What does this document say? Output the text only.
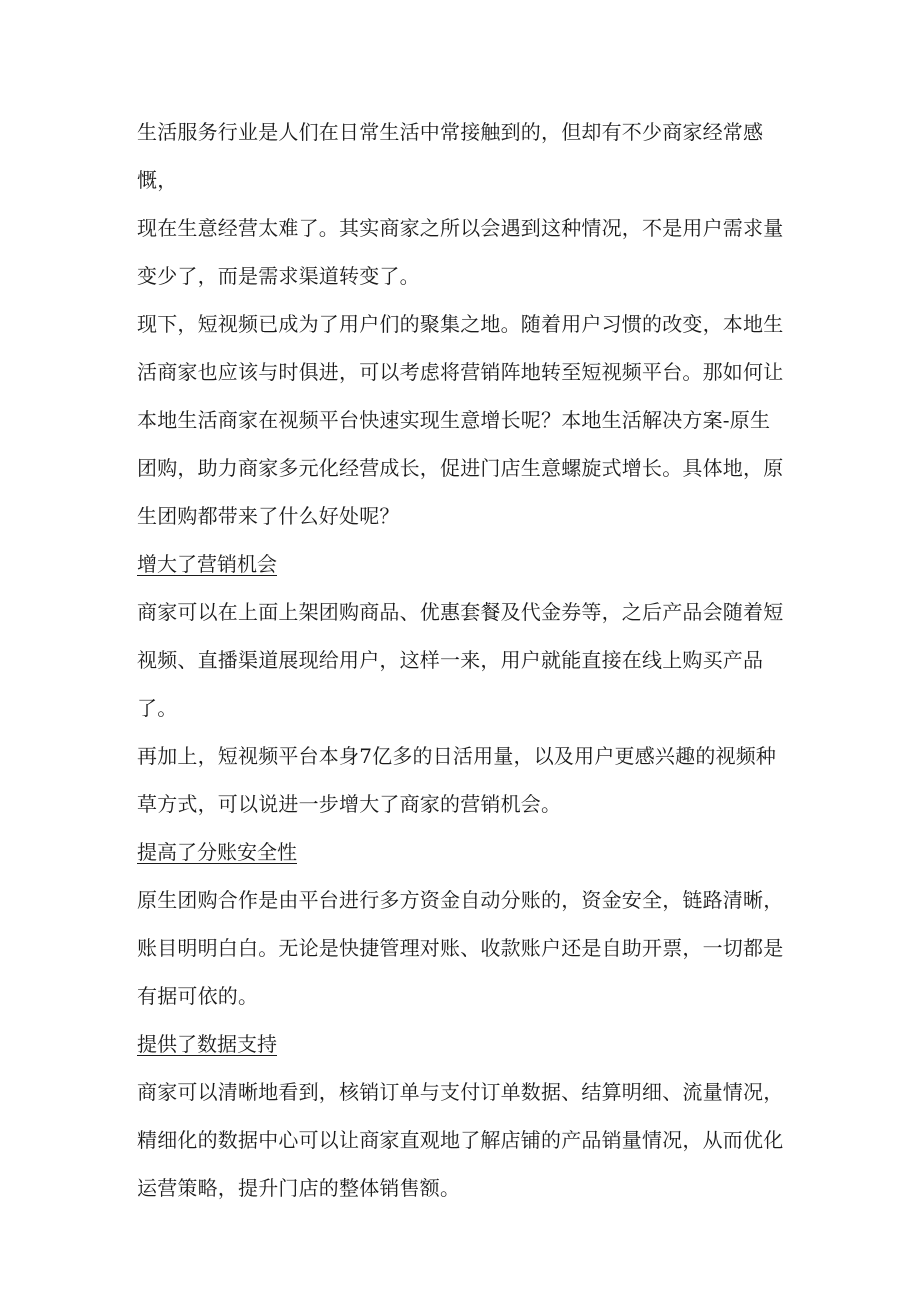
生活服务行业是人们在日常生活中常接触到的，但却有不少商家经常感慨，
现在生意经营太难了。其实商家之所以会遇到这种情况，不是用户需求量
变少了，而是需求渠道转变了。

现下，短视频已成为了用户们的聚集之地。随着用户习惯的改变，本地生
活商家也应该与时俱进，可以考虑将营销阵地转至短视频平台。那如何让
本地生活商家在视频平台快速实现生意增长呢？本地生活解决方案-原生
团购，助力商家多元化经营成长，促进门店生意螺旋式增长。具体地，原
生团购都带来了什么好处呢？

增大了营销机会

商家可以在上面上架团购商品、优惠套餐及代金券等，之后产品会随着短
视频、直播渠道展现给用户，这样一来，用户就能直接在线上购买产品了。
再加上，短视频平台本身7亿多的日活用量，以及用户更感兴趣的视频种
草方式，可以说进一步增大了商家的营销机会。

提高了分账安全性

原生团购合作是由平台进行多方资金自动分账的，资金安全，链路清晰，
账目明明白白。无论是快捷管理对账、收款账户还是自助开票，一切都是
有据可依的。

提供了数据支持

商家可以清晰地看到，核销订单与支付订单数据、结算明细、流量情况，
精细化的数据中心可以让商家直观地了解店铺的产品销量情况，从而优化
运营策略，提升门店的整体销售额。
